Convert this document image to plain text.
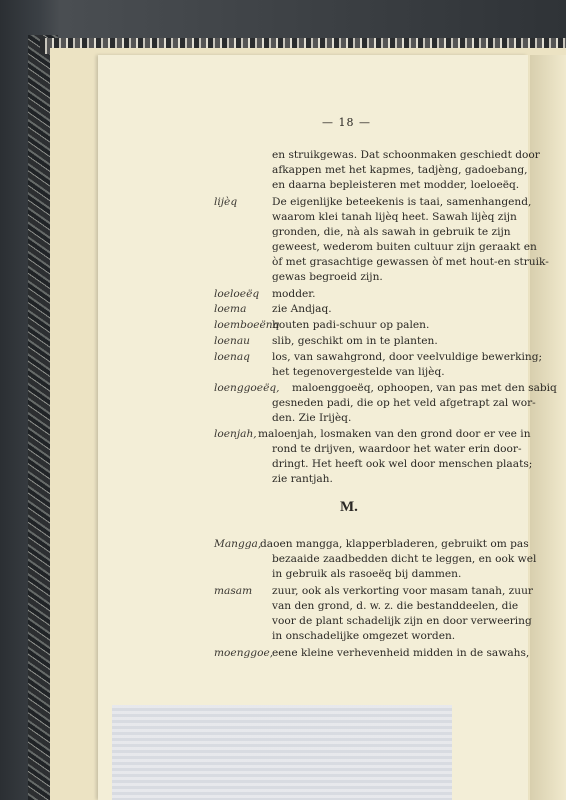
— 18 —
en struikgewas. Dat schoonmaken geschiedt door
afkappen met het kapmes, tadjèng, gadoebang,
en daarna bepleisteren met modder, loeloeëq.
lijèq	De eigenlijke beteekenis is taai, samenhangend,
waarom klei tanah lijèq heet. Sawah lijèq zijn
gronden, die, nà als sawah in gebruik te zijn
geweest, wederom buiten cultuur zijn geraakt en
òf met grasachtige gewassen òf met hout-en struik-
gewas begroeid zijn.
loeloeëq modder.
loema zie Andjaq.
loemboeënq
houten padi-schuur op palen.
loenau slib, geschikt om in te planten.
loenaq los, van sawahgrond, door veelvuldige bewerking;
het tegenovergestelde van lijèq.
loenggoeëq, maloenggoeëq, ophoopen, van pas met den sabiq
gesneden padi, die op het veld afgetrapt zal wor-
den. Zie Irijèq.
loenjah, maloenjah, losmaken van den grond door er vee in
rond te drijven, waardoor het water erin door-
dringt. Het heeft ook wel door menschen plaats;
zie rantjah.
M.
Mangga,
daoen mangga, klapperbladeren, gebruikt om pas
bezaaide zaadbedden dicht te leggen, en ook wel
in gebruik als rasoeëq bij dammen.
masam zuur, ook als verkorting voor masam tanah, zuur
van den grond, d. w. z. die bestanddeelen, die
voor de plant schadelijk zijn en door verweering
in onschadelijke omgezet worden.
moenggoe,
eene kleine verhevenheid midden in de sawahs,
